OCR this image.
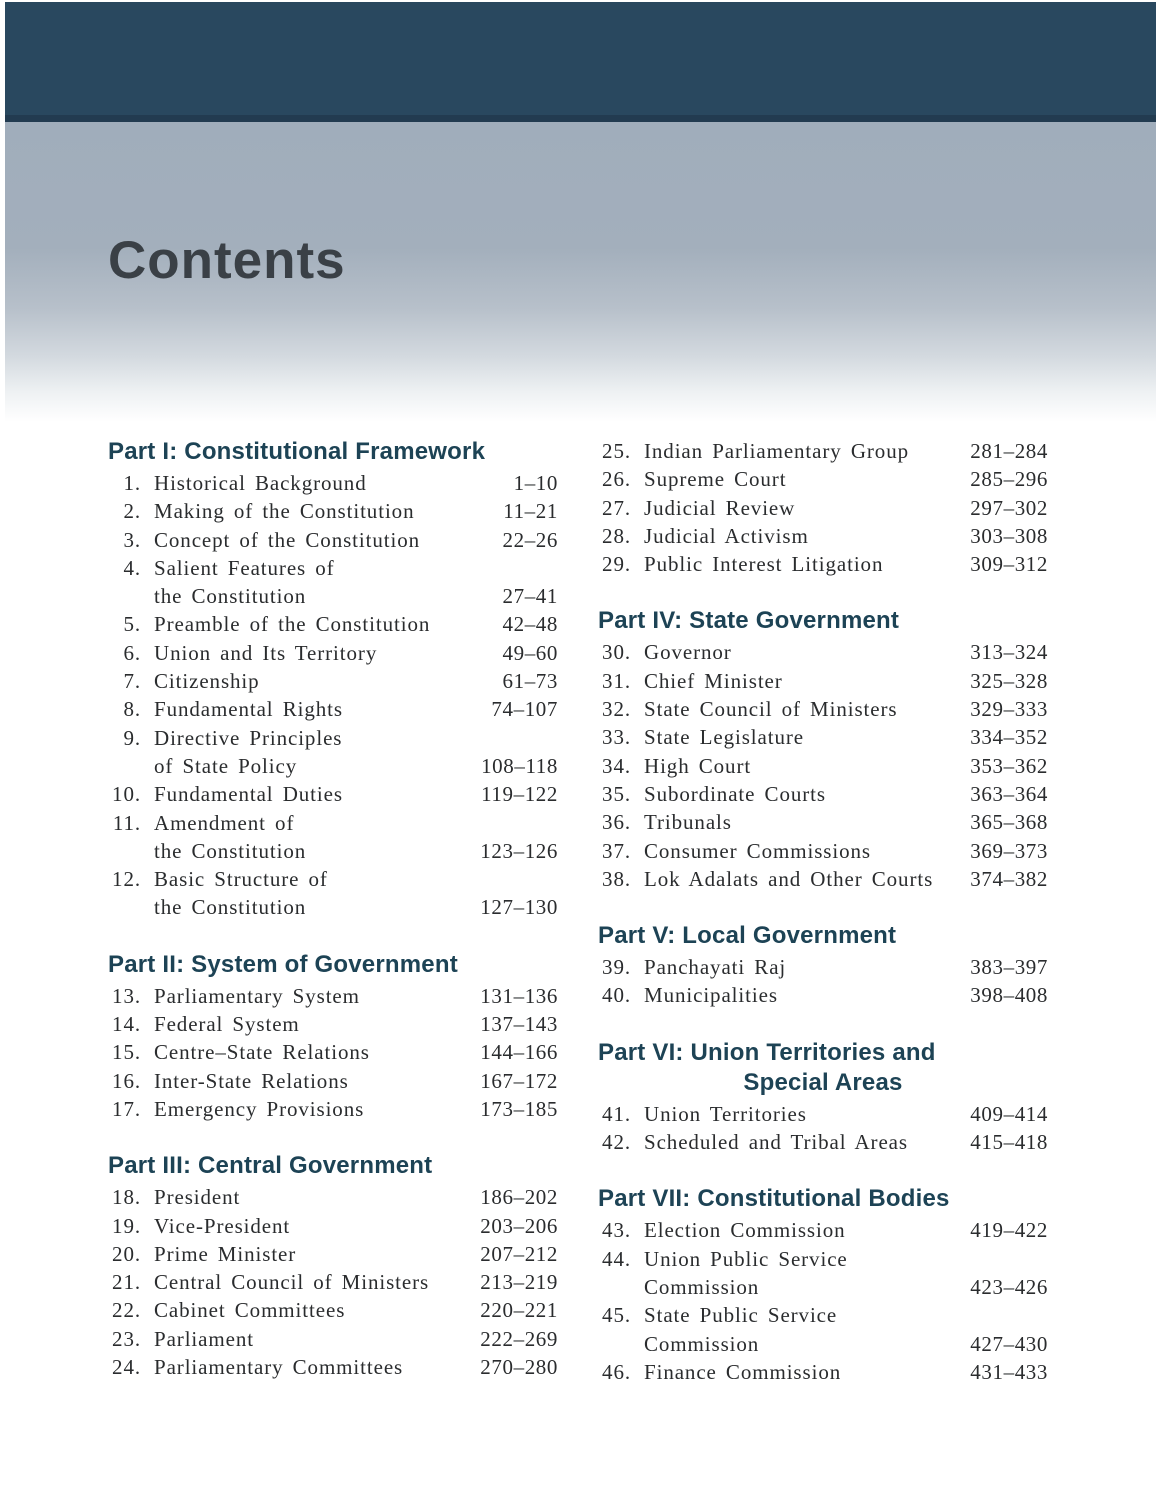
Contents
Part I: Constitutional Framework
1. Historical Background	1–10
2. Making of the Constitution	11–21
3. Concept of the Constitution	22–26
4. Salient Features of
the Constitution	27–41
5. Preamble of the Constitution	42–48
6. Union and Its Territory	49–60
7. Citizenship	61–73
8. Fundamental Rights	74–107
9. Directive Principles
of State Policy	108–118
10. Fundamental Duties	119–122
11. Amendment of
the Constitution	123–126
12. Basic Structure of
the Constitution	127–130
Part II: System of Government
13. Parliamentary System	131–136
14. Federal System	137–143
15. Centre–State Relations	144–166
16. Inter-State Relations	167–172
17. Emergency Provisions	173–185
Part III: Central Government
18. President	186–202
19. Vice-President	203–206
20. Prime Minister	207–212
21. Central Council of Ministers	213–219
22. Cabinet Committees	220–221
23. Parliament	222–269
24. Parliamentary Committees	270–280
25. Indian Parliamentary Group	281–284
26. Supreme Court	285–296
27. Judicial Review	297–302
28. Judicial Activism	303–308
29. Public Interest Litigation	309–312
Part IV: State Government
30. Governor	313–324
31. Chief Minister	325–328
32. State Council of Ministers	329–333
33. State Legislature	334–352
34. High Court	353–362
35. Subordinate Courts	363–364
36. Tribunals	365–368
37. Consumer Commissions	369–373
38. Lok Adalats and Other Courts	374–382
Part V: Local Government
39. Panchayati Raj	383–397
40. Municipalities	398–408
Part VI: Union Territories and
Special Areas
41. Union Territories	409–414
42. Scheduled and Tribal Areas	415–418
Part VII: Constitutional Bodies
43. Election Commission	419–422
44. Union Public Service
Commission	423–426
45. State Public Service
Commission	427–430
46. Finance Commission	431–433
